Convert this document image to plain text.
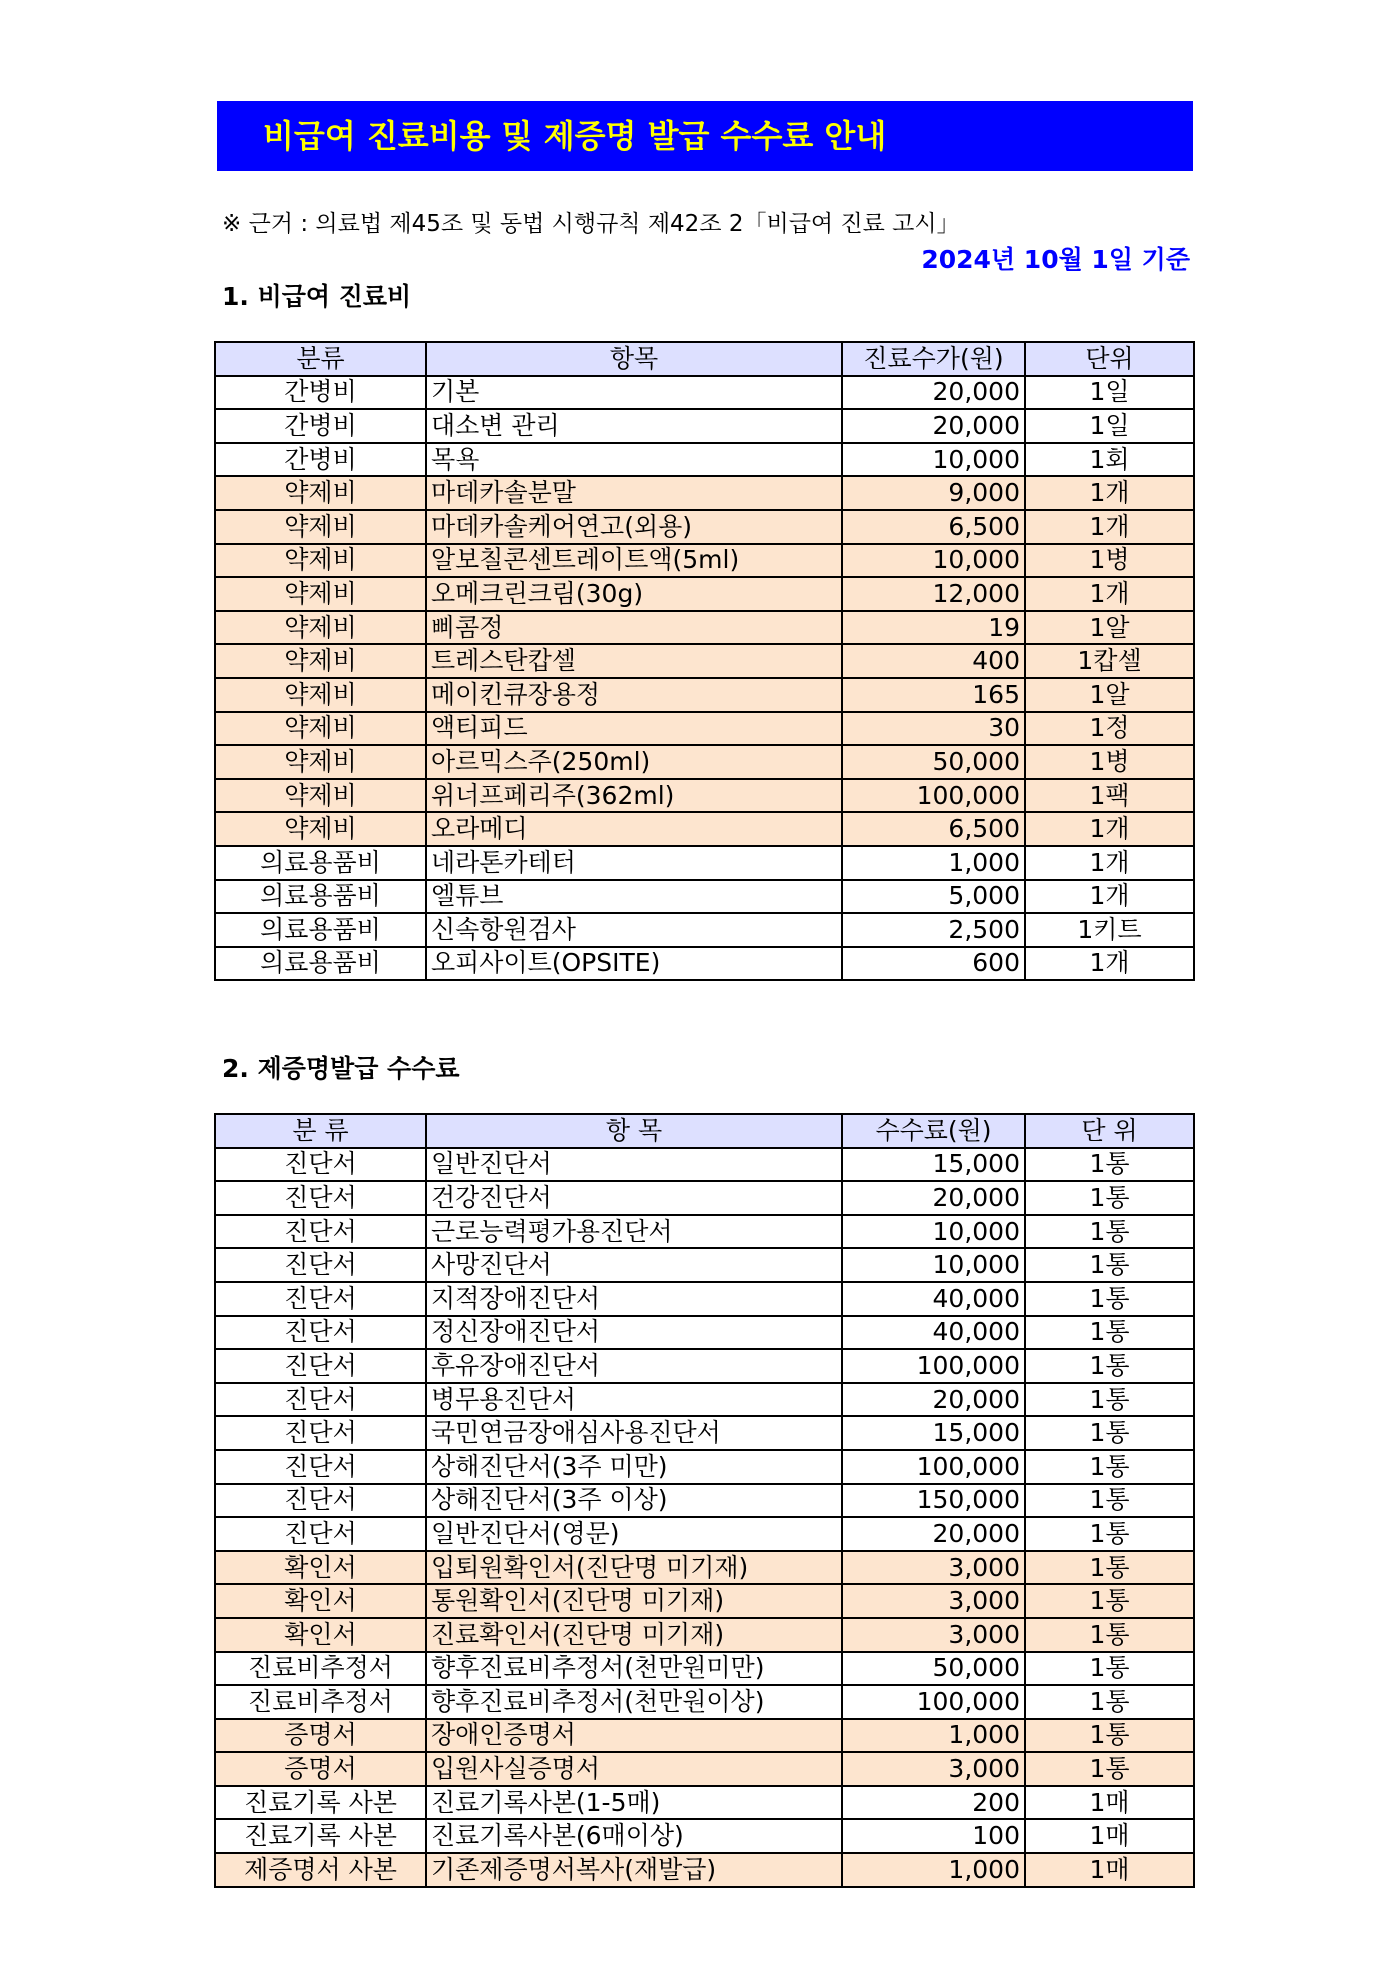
비급여 진료비용 및 제증명 발급 수수료 안내
※ 근거 : 의료법 제45조 및 동법 시행규칙 제42조 2「비급여 진료 고시」
2024년 10월 1일 기준
1. 비급여 진료비
분류	항목	진료수가(원)	단위
간병비	기본	20,000	1일
간병비	대소변 관리	20,000	1일
간병비	목욕	10,000	1회
약제비	마데카솔분말	9,000	1개
약제비	마데카솔케어연고(외용)	6,500	1개
약제비	알보칠콘센트레이트액(5ml)	10,000	1병
약제비	오메크린크림(30g)	12,000	1개
약제비	삐콤정	19	1알
약제비	트레스탄캅셀	400	1캅셀
약제비	메이킨큐장용정	165	1알
약제비	액티피드	30	1정
약제비	아르믹스주(250ml)	50,000	1병
약제비	위너프페리주(362ml)	100,000	1팩
약제비	오라메디	6,500	1개
의료용품비	네라톤카테터	1,000	1개
의료용품비	엘튜브	5,000	1개
의료용품비	신속항원검사	2,500	1키트
의료용품비	오피사이트(OPSITE)	600	1개
2. 제증명발급 수수료
분 류	항 목	수수료(원)	단 위
진단서	일반진단서	15,000	1통
진단서	건강진단서	20,000	1통
진단서	근로능력평가용진단서	10,000	1통
진단서	사망진단서	10,000	1통
진단서	지적장애진단서	40,000	1통
진단서	정신장애진단서	40,000	1통
진단서	후유장애진단서	100,000	1통
진단서	병무용진단서	20,000	1통
진단서	국민연금장애심사용진단서	15,000	1통
진단서	상해진단서(3주 미만)	100,000	1통
진단서	상해진단서(3주 이상)	150,000	1통
진단서	일반진단서(영문)	20,000	1통
확인서	입퇴원확인서(진단명 미기재)	3,000	1통
확인서	통원확인서(진단명 미기재)	3,000	1통
확인서	진료확인서(진단명 미기재)	3,000	1통
진료비추정서	향후진료비추정서(천만원미만)	50,000	1통
진료비추정서	향후진료비추정서(천만원이상)	100,000	1통
증명서	장애인증명서	1,000	1통
증명서	입원사실증명서	3,000	1통
진료기록 사본	진료기록사본(1-5매)	200	1매
진료기록 사본	진료기록사본(6매이상)	100	1매
제증명서 사본	기존제증명서복사(재발급)	1,000	1매
